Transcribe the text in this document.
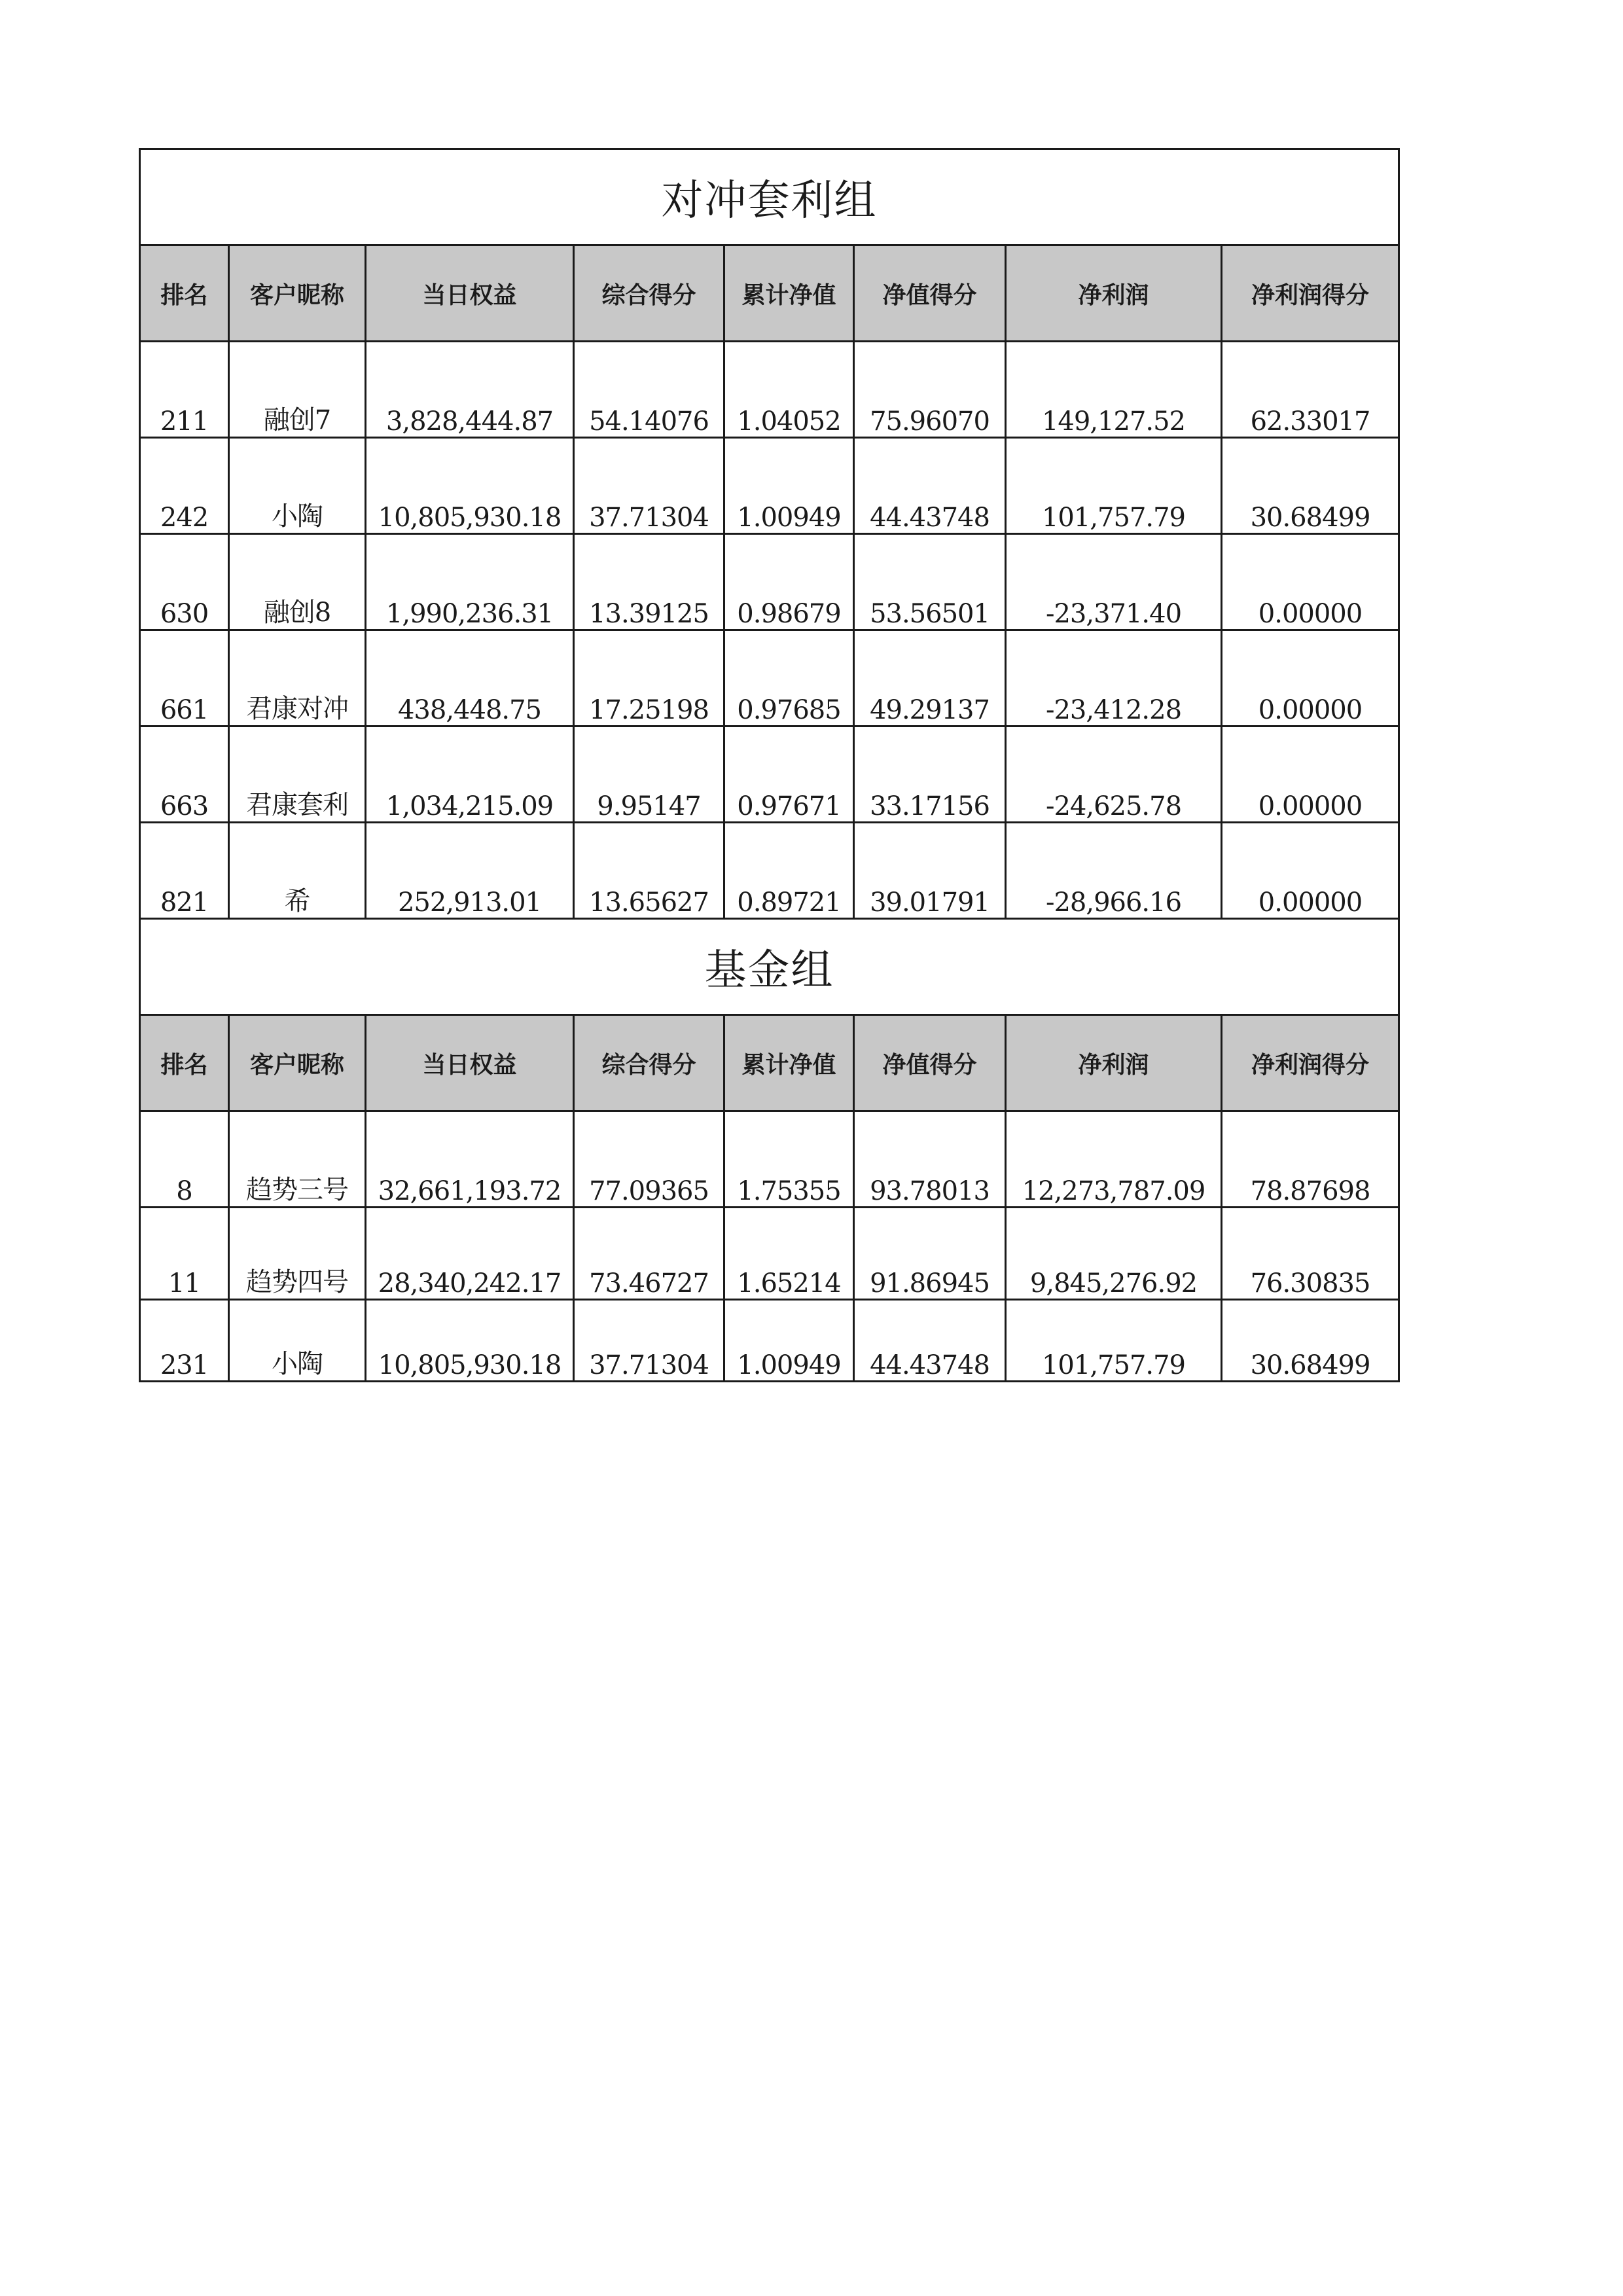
对冲套利组							
排名	客户昵称	当日权益	综合得分	累计净值	净值得分	净利润	净利润得分
211	融创7	3,828,444.87	54.14076	1.04052	75.96070	149,127.52	62.33017
242	小陶	10,805,930.18	37.71304	1.00949	44.43748	101,757.79	30.68499
630	融创8	1,990,236.31	13.39125	0.98679	53.56501	-23,371.40	0.00000
661	君康对冲	438,448.75	17.25198	0.97685	49.29137	-23,412.28	0.00000
663	君康套利	1,034,215.09	9.95147	0.97671	33.17156	-24,625.78	0.00000
821	希	252,913.01	13.65627	0.89721	39.01791	-28,966.16	0.00000
基金组							
排名	客户昵称	当日权益	综合得分	累计净值	净值得分	净利润	净利润得分
8	趋势三号	32,661,193.72	77.09365	1.75355	93.78013	12,273,787.09	78.87698
11	趋势四号	28,340,242.17	73.46727	1.65214	91.86945	9,845,276.92	76.30835
231	小陶	10,805,930.18	37.71304	1.00949	44.43748	101,757.79	30.68499
